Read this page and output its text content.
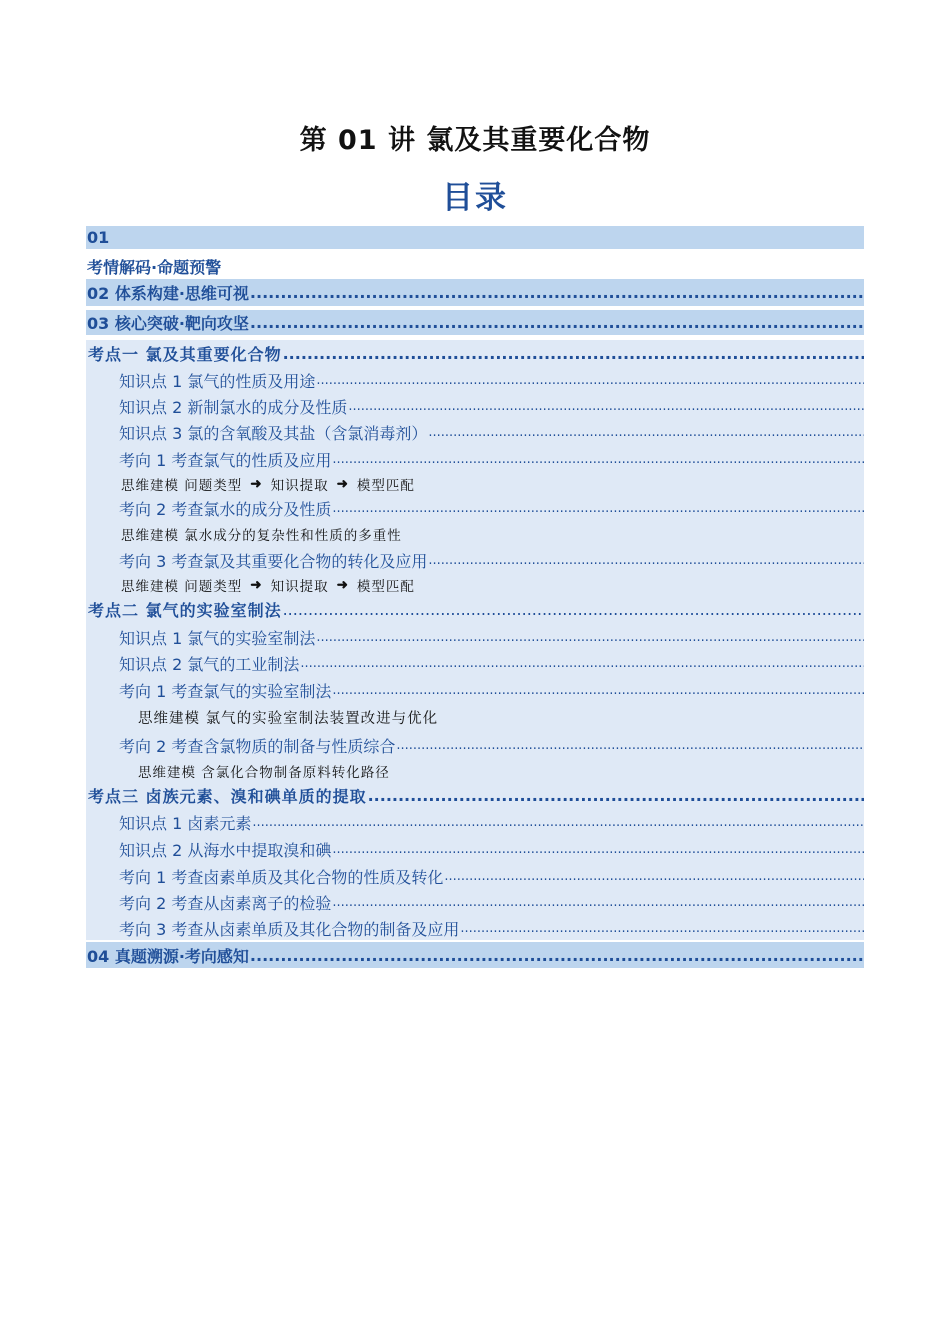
第 01 讲 氯及其重要化合物
目录
01
考情解码·命题预警
02 体系构建·思维可视
.....
03 核心突破·靶向攻坚
.....
考点一 氯及其重要化合物
.....
知识点 1 氯气的性质及用途
.....
知识点 2 新制氯水的成分及性质
.....
知识点 3 氯的含氧酸及其盐（含氯消毒剂）
.....
考向 1 考查氯气的性质及应用
.....
思维建模 问题类型 ➜ 知识提取 ➜ 模型匹配
考向 2 考查氯水的成分及性质
.....
思维建模 氯水成分的复杂性和性质的多重性
考向 3 考查氯及其重要化合物的转化及应用
.....
思维建模 问题类型 ➜ 知识提取 ➜ 模型匹配
考点二 氯气的实验室制法
.....
知识点 1 氯气的实验室制法
.....
知识点 2 氯气的工业制法
.....
考向 1 考查氯气的实验室制法
.....
思维建模 氯气的实验室制法装置改进与优化
考向 2 考查含氯物质的制备与性质综合
.....
思维建模 含氯化合物制备原料转化路径
考点三 卤族元素、溴和碘单质的提取
.....
知识点 1 卤素元素
.....
知识点 2 从海水中提取溴和碘
.....
考向 1 考查卤素单质及其化合物的性质及转化
.....
考向 2 考查从卤素离子的检验
.....
考向 3 考查从卤素单质及其化合物的制备及应用
.....
04 真题溯源·考向感知
.....
